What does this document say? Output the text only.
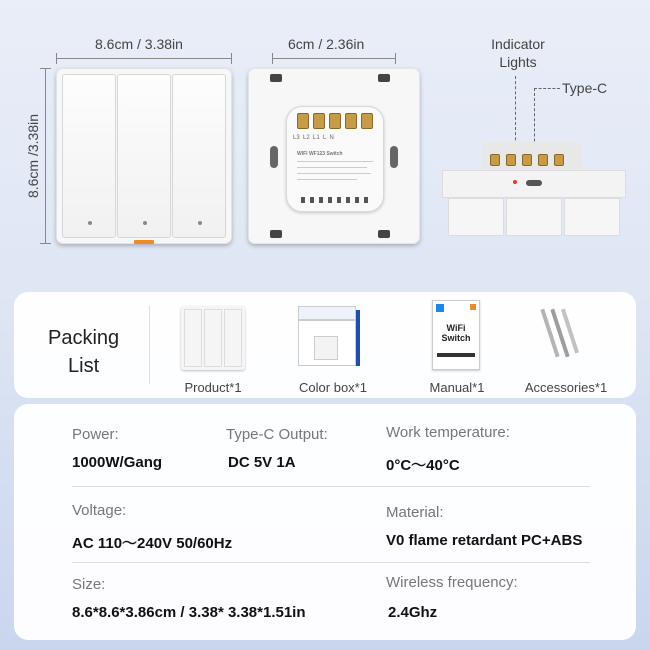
8.6cm / 3.38in
8.6cm /3.38in
6cm / 2.36in
L3  L2  L1  L  N
WIFI WF123 Switch
Indicator
Lights
Type-C
Packing
List
Product*1	Color box*1
WiFi
Switch
Manual*1	Accessories*1
Power:
1000W/Gang
Type-C Output:
DC 5V 1A
Work temperature:
0°C～40°C
Voltage:
AC 110～240V 50/60Hz
Material:
V0 flame retardant PC+ABS
Size:
8.6*8.6*3.86cm / 3.38* 3.38*1.51in
Wireless frequency:
2.4Ghz
